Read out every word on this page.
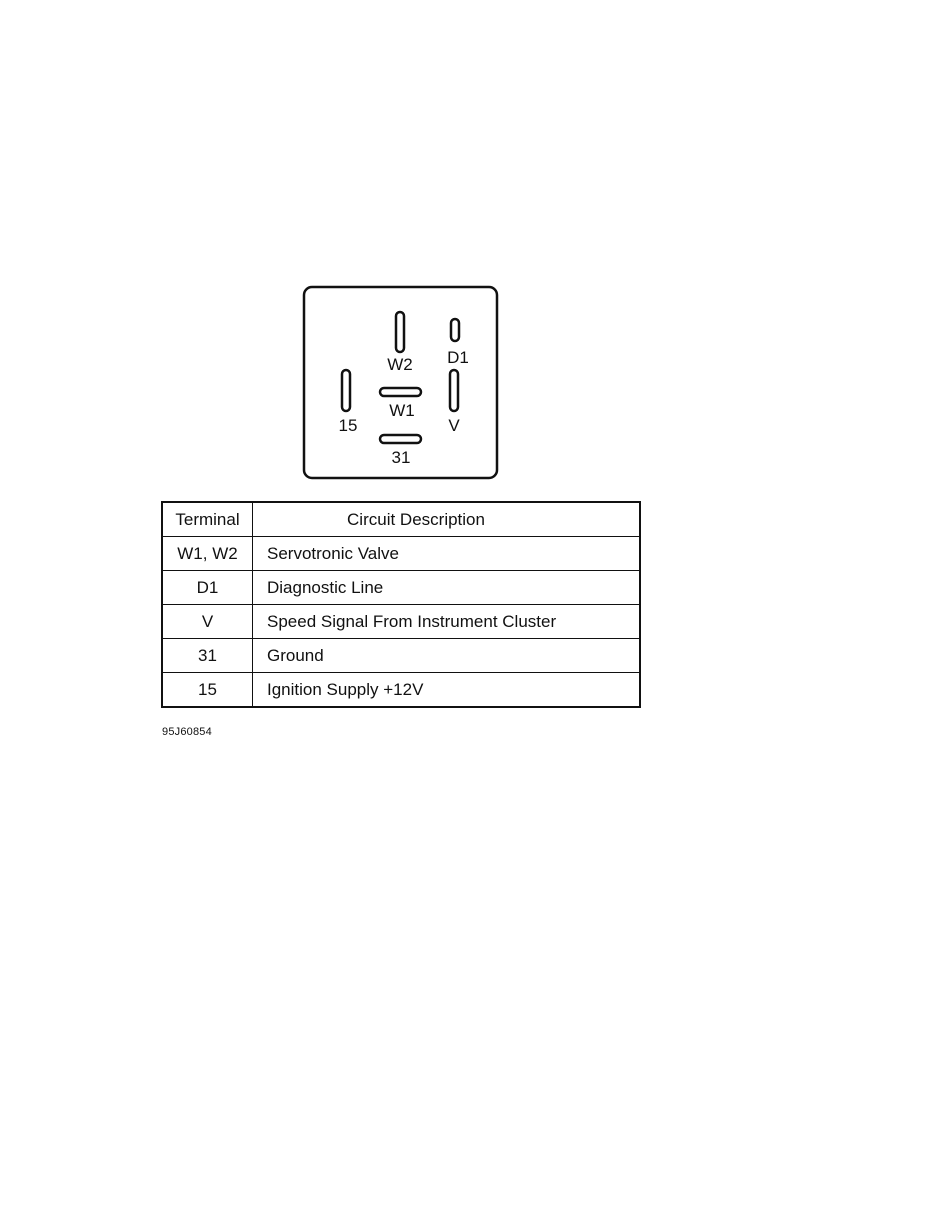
W2 D1
15
W1
V
31
Terminal	Circuit Description
W1, W2	Servotronic Valve
D1	Diagnostic Line
V	Speed Signal From Instrument Cluster
31	Ground
15	Ignition Supply +12V
95J60854
